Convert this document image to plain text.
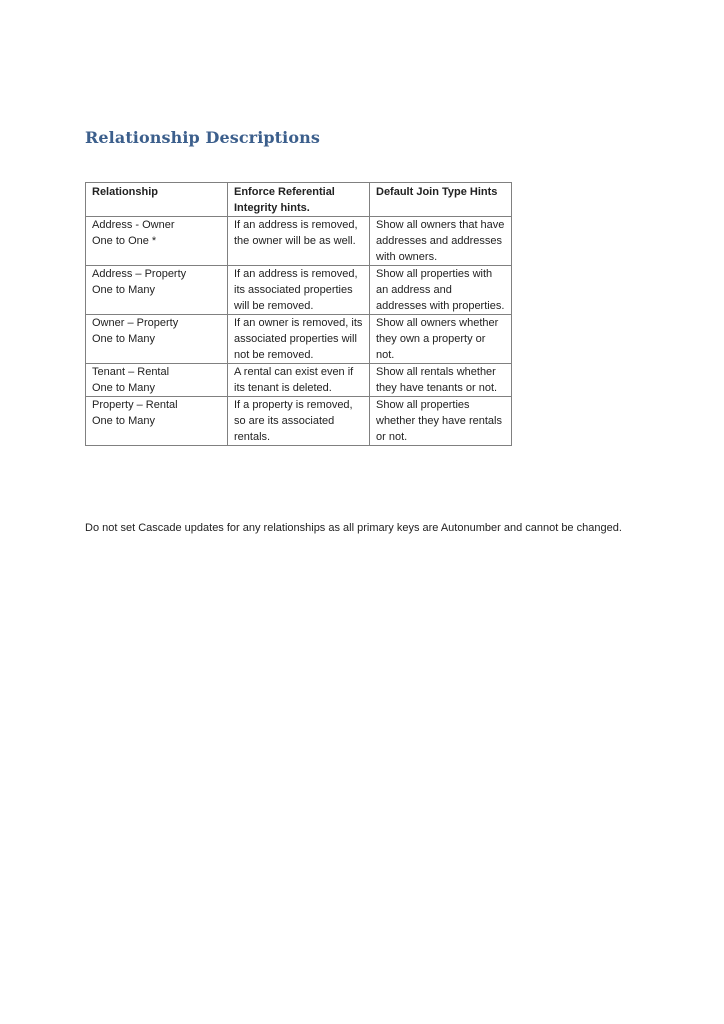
Relationship Descriptions
Relationship	Enforce Referential Integrity hints.	Default Join Type Hints

Address - Owner
One to One *	If an address is removed, the owner will be as well.	Show all owners that have addresses and addresses with owners.

Address – Property
One to Many	If an address is removed, its associated properties will be removed.	Show all properties with an address and addresses with properties.

Owner – Property
One to Many	If an owner is removed, its associated properties will not be removed.	Show all owners whether they own a property or not.

Tenant – Rental
One to Many	A rental can exist even if its tenant is deleted.	Show all rentals whether they have tenants or not.

Property – Rental
One to Many	If a property is removed, so are its associated rentals.	Show all properties whether they have rentals or not.

Do not set Cascade updates for any relationships as all primary keys are Autonumber and cannot be changed.
